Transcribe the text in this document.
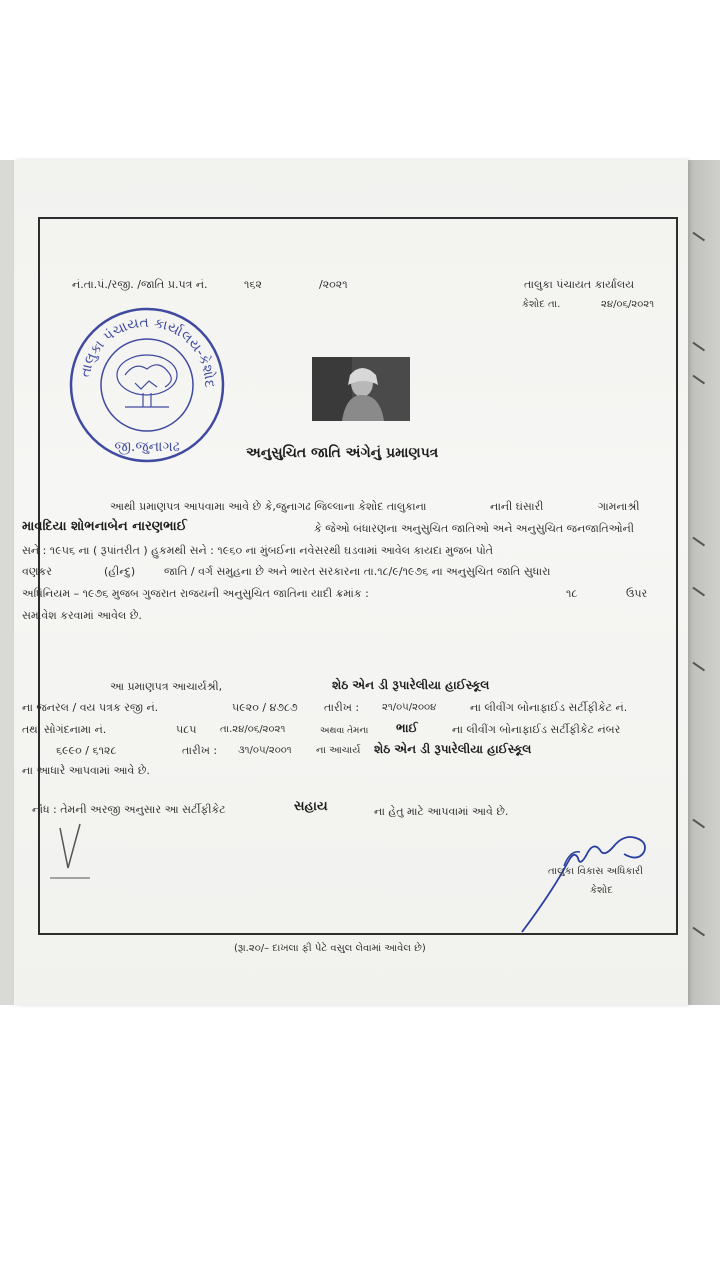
નં.તા.પં./રજી. /જાતિ પ્ર.પત્ર નં.	૧૬૨	/૨૦૨૧	તાલુકા પંચાયત કાર્યાલય
કેશોદ તા.	૨૪/૦૬/૨૦૨૧
તાલુકા પંચાયત કાર્યાલય-કેશોદ
જી.જુનાગઢ	અનુસુચિત જાતિ અંગેનું પ્રમાણપત્ર
આથી પ્રમાણપત્ર આપવામા આવે છે કે,જુનાગઢ જિલ્લાના કેશોદ તાલુકાના	નાની ઘંસારી	ગામનાશ્રી
માવદિયા શોભનાબેન નારણભાઈ	કે જેઓ બંધારણના અનુસુચિત જાતિઓ અને અનુસુચિત જનજાતિઓની
સને : ૧૯૫૬ ના ( રૂપાંતરીત ) હુકમથી સને : ૧૯૬૦ ના મુંબઈના નવેસરથી ઘડવામાં આવેલ કાયદા મુજબ પોતે
વણકર	(હીન્દુ)	જાતિ / વર્ગ સમુહના છે અને ભારત સરકારના તા.૧૮/૯/૧૯૭૬ ના અનુસુચિત જાતિ સુધારા
અધિનિયમ – ૧૯૭૬ મુજબ ગુજરાત રાજયની અનુસુચિત જાતિના યાદી ક્રમાંક :	૧૮	ઉપર
સમાવેશ કરવામાં આવેલ છે.
આ પ્રમાણપત્ર આચાર્યશ્રી,	શેઠ એન ડી રૂપારેલીયા હાઈસ્કૂલ
ના જનરલ / વય પત્રક રજી નં.	૫૯૨૦ / ૪૭૮૭ તારીખ : ૨૧/૦૫/૨૦૦૪	ના લીવીંગ બોનાફાઈડ સર્ટીફીકેટ નં.
તથા સોગંદનામા નં.	૫૮૫ તા.૨૪/૦૬/૨૦૨૧	અથવા તેમના ભાઈ	ના લીવીંગ બોનાફાઈડ સર્ટીફીકેટ નંબર
૬૯૯૦ / ૬૧૨૮	તારીખ : ૩૧/૦૫/૨૦૦૧ ના આચાર્ય શેઠ એન ડી રૂપારેલીયા હાઈસ્કૂલ
ના આધારે આપવામાં આવે છે.
નોંધ : તેમની અરજી અનુસાર આ સર્ટીફીકેટ	સહાય	ના હેતુ માટે આપવામાં આવે છે.
તાલુકા વિકાસ અધિકારી
કેશોદ
(રૂા.૨૦/– દાખલા ફી પેટે વસુલ લેવામાં આવેલ છે)
